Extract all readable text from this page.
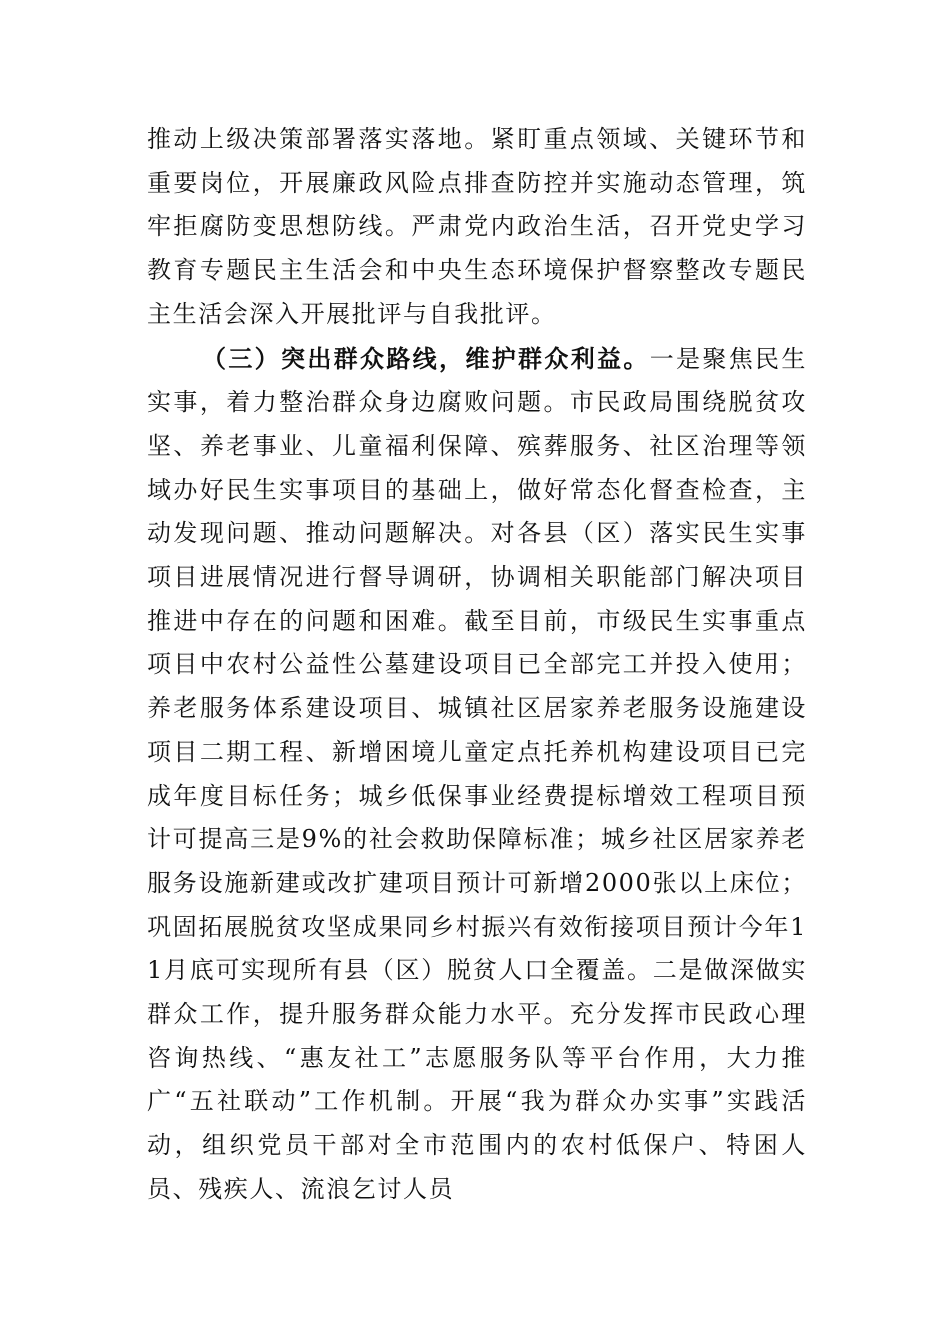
推动上级决策部署落实落地。紧盯重点领域、关键环节和重要岗位，开展廉政风险点排查防控并实施动态管理，筑牢拒腐防变思想防线。严肃党内政治生活，召开党史学习教育专题民主生活会和中央生态环境保护督察整改专题民主生活会深入开展批评与自我批评。

（三）突出群众路线，维护群众利益。一是聚焦民生实事，着力整治群众身边腐败问题。市民政局围绕脱贫攻坚、养老事业、儿童福利保障、殡葬服务、社区治理等领域办好民生实事项目的基础上，做好常态化督查检查，主动发现问题、推动问题解决。对各县（区）落实民生实事项目进展情况进行督导调研，协调相关职能部门解决项目推进中存在的问题和困难。截至目前，市级民生实事重点项目中农村公益性公墓建设项目已全部完工并投入使用；养老服务体系建设项目、城镇社区居家养老服务设施建设项目二期工程、新增困境儿童定点托养机构建设项目已完成年度目标任务；城乡低保事业经费提标增效工程项目预计可提高三是9%的社会救助保障标准；城乡社区居家养老服务设施新建或改扩建项目预计可新增2000张以上床位；巩固拓展脱贫攻坚成果同乡村振兴有效衔接项目预计今年11月底可实现所有县（区）脱贫人口全覆盖。二是做深做实群众工作，提升服务群众能力水平。充分发挥市民政心理咨询热线、“惠友社工”志愿服务队等平台作用，大力推广“五社联动”工作机制。开展“我为群众办实事”实践活动，组织党员干部对全市范围内的农村低保户、特困人员、残疾人、流浪乞讨人员
